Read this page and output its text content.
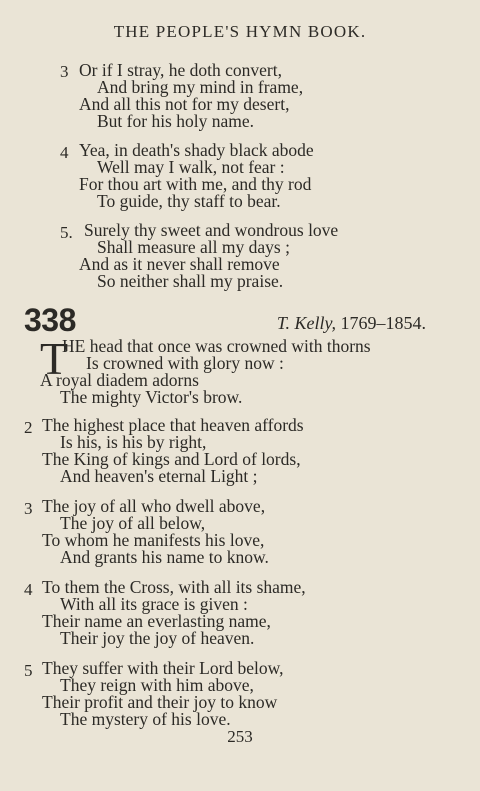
THE PEOPLE'S HYMN BOOK.
3 Or if I stray, he doth convert,
And bring my mind in frame,
And all this not for my desert,
But for his holy name.
4 Yea, in death's shady black abode
Well may I walk, not fear :
For thou art with me, and thy rod
To guide, thy staff to bear.
5. Surely thy sweet and wondrous love
Shall measure all my days ;
And as it never shall remove
So neither shall my praise.
338	T. Kelly, 1769–1854.
T
HE head that once was crowned with thorns
Is crowned with glory now :
A royal diadem adorns
The mighty Victor's brow.
2 The highest place that heaven affords
Is his, is his by right,
The King of kings and Lord of lords,
And heaven's eternal Light ;
3 The joy of all who dwell above,
The joy of all below,
To whom he manifests his love,
And grants his name to know.
4 To them the Cross, with all its shame,
With all its grace is given :
Their name an everlasting name,
Their joy the joy of heaven.
5 They suffer with their Lord below,
They reign with him above,
Their profit and their joy to know
The mystery of his love.
253
